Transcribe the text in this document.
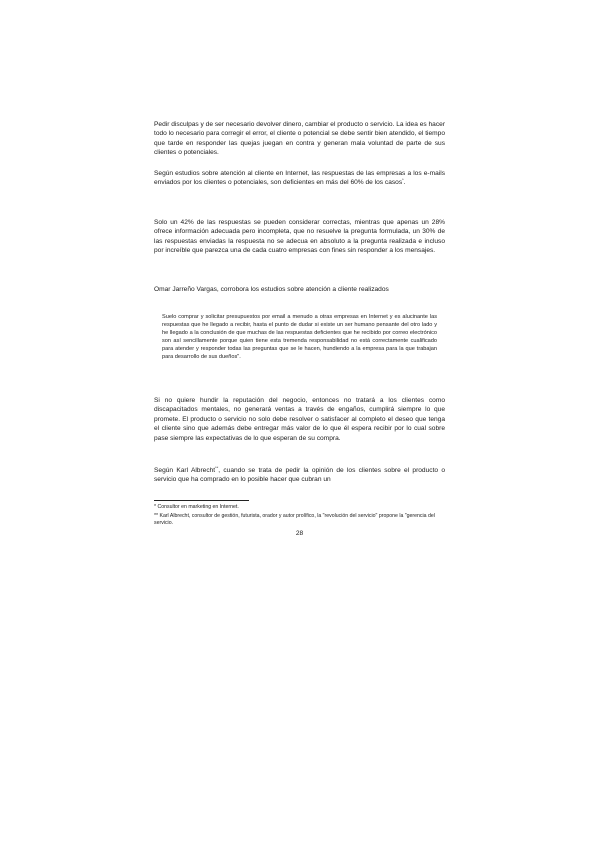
Pedir disculpas y de ser necesario devolver dinero, cambiar el producto o servicio. La idea es hacer todo lo necesario para corregir el error, el cliente o potencial se debe sentir bien atendido, el tiempo que tarde en responder las quejas juegan en contra y generan mala voluntad de parte de sus clientes o potenciales.

Según estudios sobre atención al cliente en Internet, las respuestas de las empresas a los e-mails enviados por los clientes o potenciales, son deficientes en más del 60% de los casos*.

Solo un 42% de las respuestas se pueden considerar correctas, mientras que apenas un 28% ofrece información adecuada pero incompleta, que no resuelve la pregunta formulada, un 30% de las respuestas enviadas la respuesta no se adecua en absoluto a la pregunta realizada e incluso por increíble que parezca una de cada cuatro empresas con fines sin responder a los mensajes.

Omar Jarreño Vargas, corrobora los estudios sobre atención a cliente realizados

Suelo comprar y solicitar presupuestos por email a menudo a otras empresas en Internet y es alucinante las respuestas que he llegado a recibir, hasta el punto de dudar si existe un ser humano pensante del otro lado y he llegado a la conclusión de que muchas de las respuestas deficientes que he recibido por correo electrónico son así sencillamente porque quien tiene esta tremenda responsabilidad no está correctamente cualificado para atender y responder todas las preguntas que se le hacen, hundiendo a la empresa para la que trabajan para desarrollo de sus dueños".

Si no quiere hundir la reputación del negocio, entonces no tratará a los clientes como discapacitados mentales, no generará ventas a través de engaños, cumplirá siempre lo que promete. El producto o servicio no solo debe resolver o satisfacer al completo el deseo que tenga el cliente sino que además debe entregar más valor de lo que él espera recibir por lo cual sobre pase siempre las expectativas de lo que esperan de su compra.

Según Karl Albrecht**, cuando se trata de pedir la opinión de los clientes sobre el producto o servicio que ha comprado en lo posible hacer que cubran un

* Consultor en marketing en Internet.

** Karl Albrecht, consultor de gestión, futurista, orador y autor prolífico, la "revolución del servicio" propone la "gerencia del servicio.

28
